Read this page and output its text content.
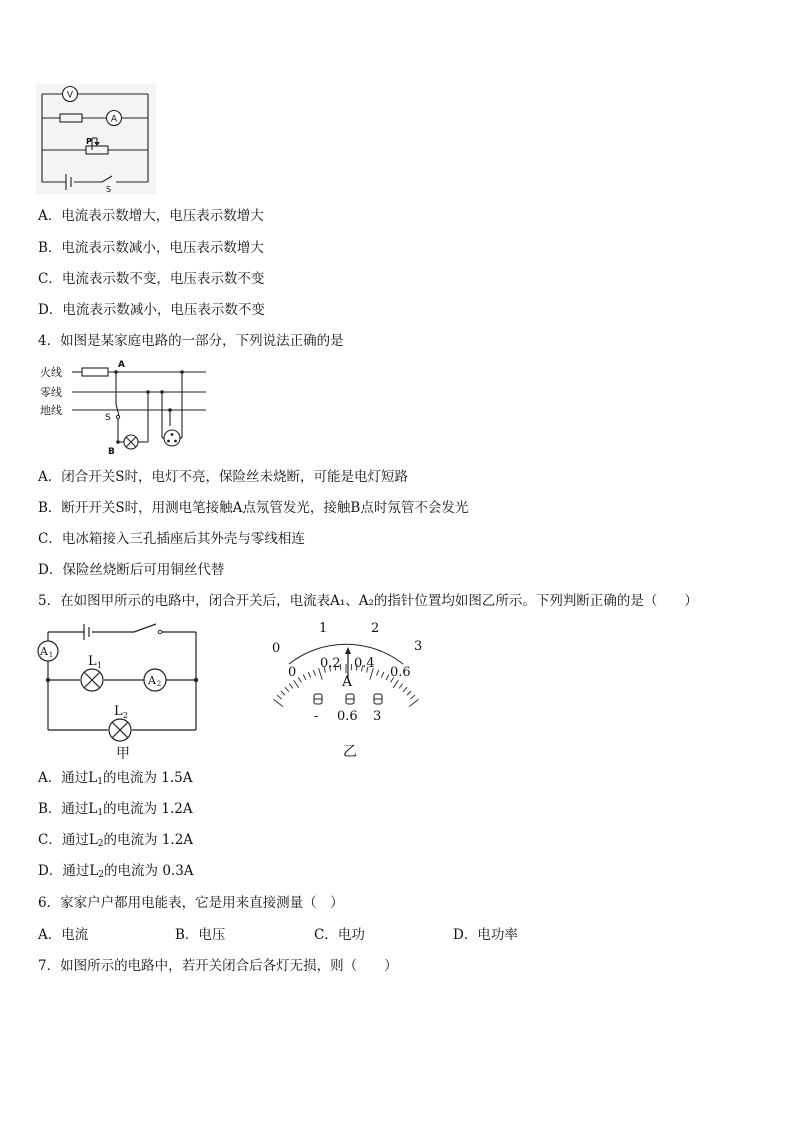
V
A
P
S
A．电流表示数增大，电压表示数增大
B．电流表示数减小，电压表示数增大
C．电流表示数不变，电压表示数不变
D．电流表示数减小，电压表示数不变
4．如图是某家庭电路的一部分，下列说法正确的是
火线
零线
地线
A
S
B
A．闭合开关S时，电灯不亮，保险丝未烧断，可能是电灯短路
B．断开开关S时，用测电笔接触A点氖管发光，接触B点时氖管不会发光
C．电冰箱接入三孔插座后其外壳与零线相连
D．保险丝烧断后可用铜丝代替
5．在如图甲所示的电路中，闭合开关后，电流表A₁、A₂的指针位置均如图乙所示。下列判断正确的是（　　）
A 1	L 1
A 2
L 2
甲
0
1	2
3
0
0.2 0.4
0.6
A
- 0.6 3
乙
A．通过$L_1$的电流为 1.5A
B．通过$L_1$的电流为 1.2A
C．通过$L_2$的电流为 1.2A
D．通过$L_2$的电流为 0.3A
6．家家户户都用电能表，它是用来直接测量（　）
A．电流	B．电压	C．电功	D．电功率
7．如图所示的电路中，若开关闭合后各灯无损，则（　　）
